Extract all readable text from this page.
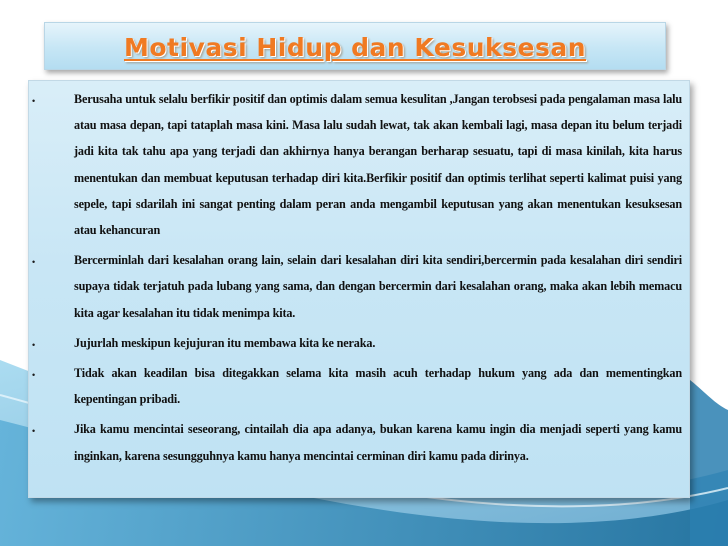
Motivasi Hidup dan Kesuksesan
•	Berusaha untuk selalu berfikir positif dan optimis dalam semua kesulitan ,Jangan terobsesi pada pengalaman masa lalu atau masa depan, tapi tataplah masa kini. Masa lalu sudah lewat, tak akan kembali lagi, masa depan itu belum terjadi jadi kita tak tahu apa yang terjadi dan akhirnya hanya berangan berharap sesuatu, tapi di masa kinilah, kita harus menentukan dan membuat keputusan terhadap diri kita.Berfikir positif dan optimis terlihat seperti kalimat puisi yang sepele, tapi sdarilah ini sangat penting dalam peran anda mengambil keputusan yang akan menentukan kesuksesan atau kehancuran
•	Bercerminlah dari kesalahan orang lain, selain dari kesalahan diri kita sendiri,bercermin pada kesalahan diri sendiri supaya tidak terjatuh pada lubang yang sama, dan dengan bercermin dari kesalahan orang, maka akan lebih memacu kita agar kesalahan itu tidak menimpa kita.
•	Jujurlah meskipun kejujuran itu membawa kita ke neraka.
•	Tidak akan keadilan bisa ditegakkan selama kita masih acuh terhadap hukum yang ada dan mementingkan kepentingan pribadi.
•	Jika kamu mencintai seseorang, cintailah dia apa adanya, bukan karena kamu ingin dia menjadi seperti yang kamu inginkan, karena sesungguhnya kamu hanya mencintai cerminan diri kamu pada dirinya.
